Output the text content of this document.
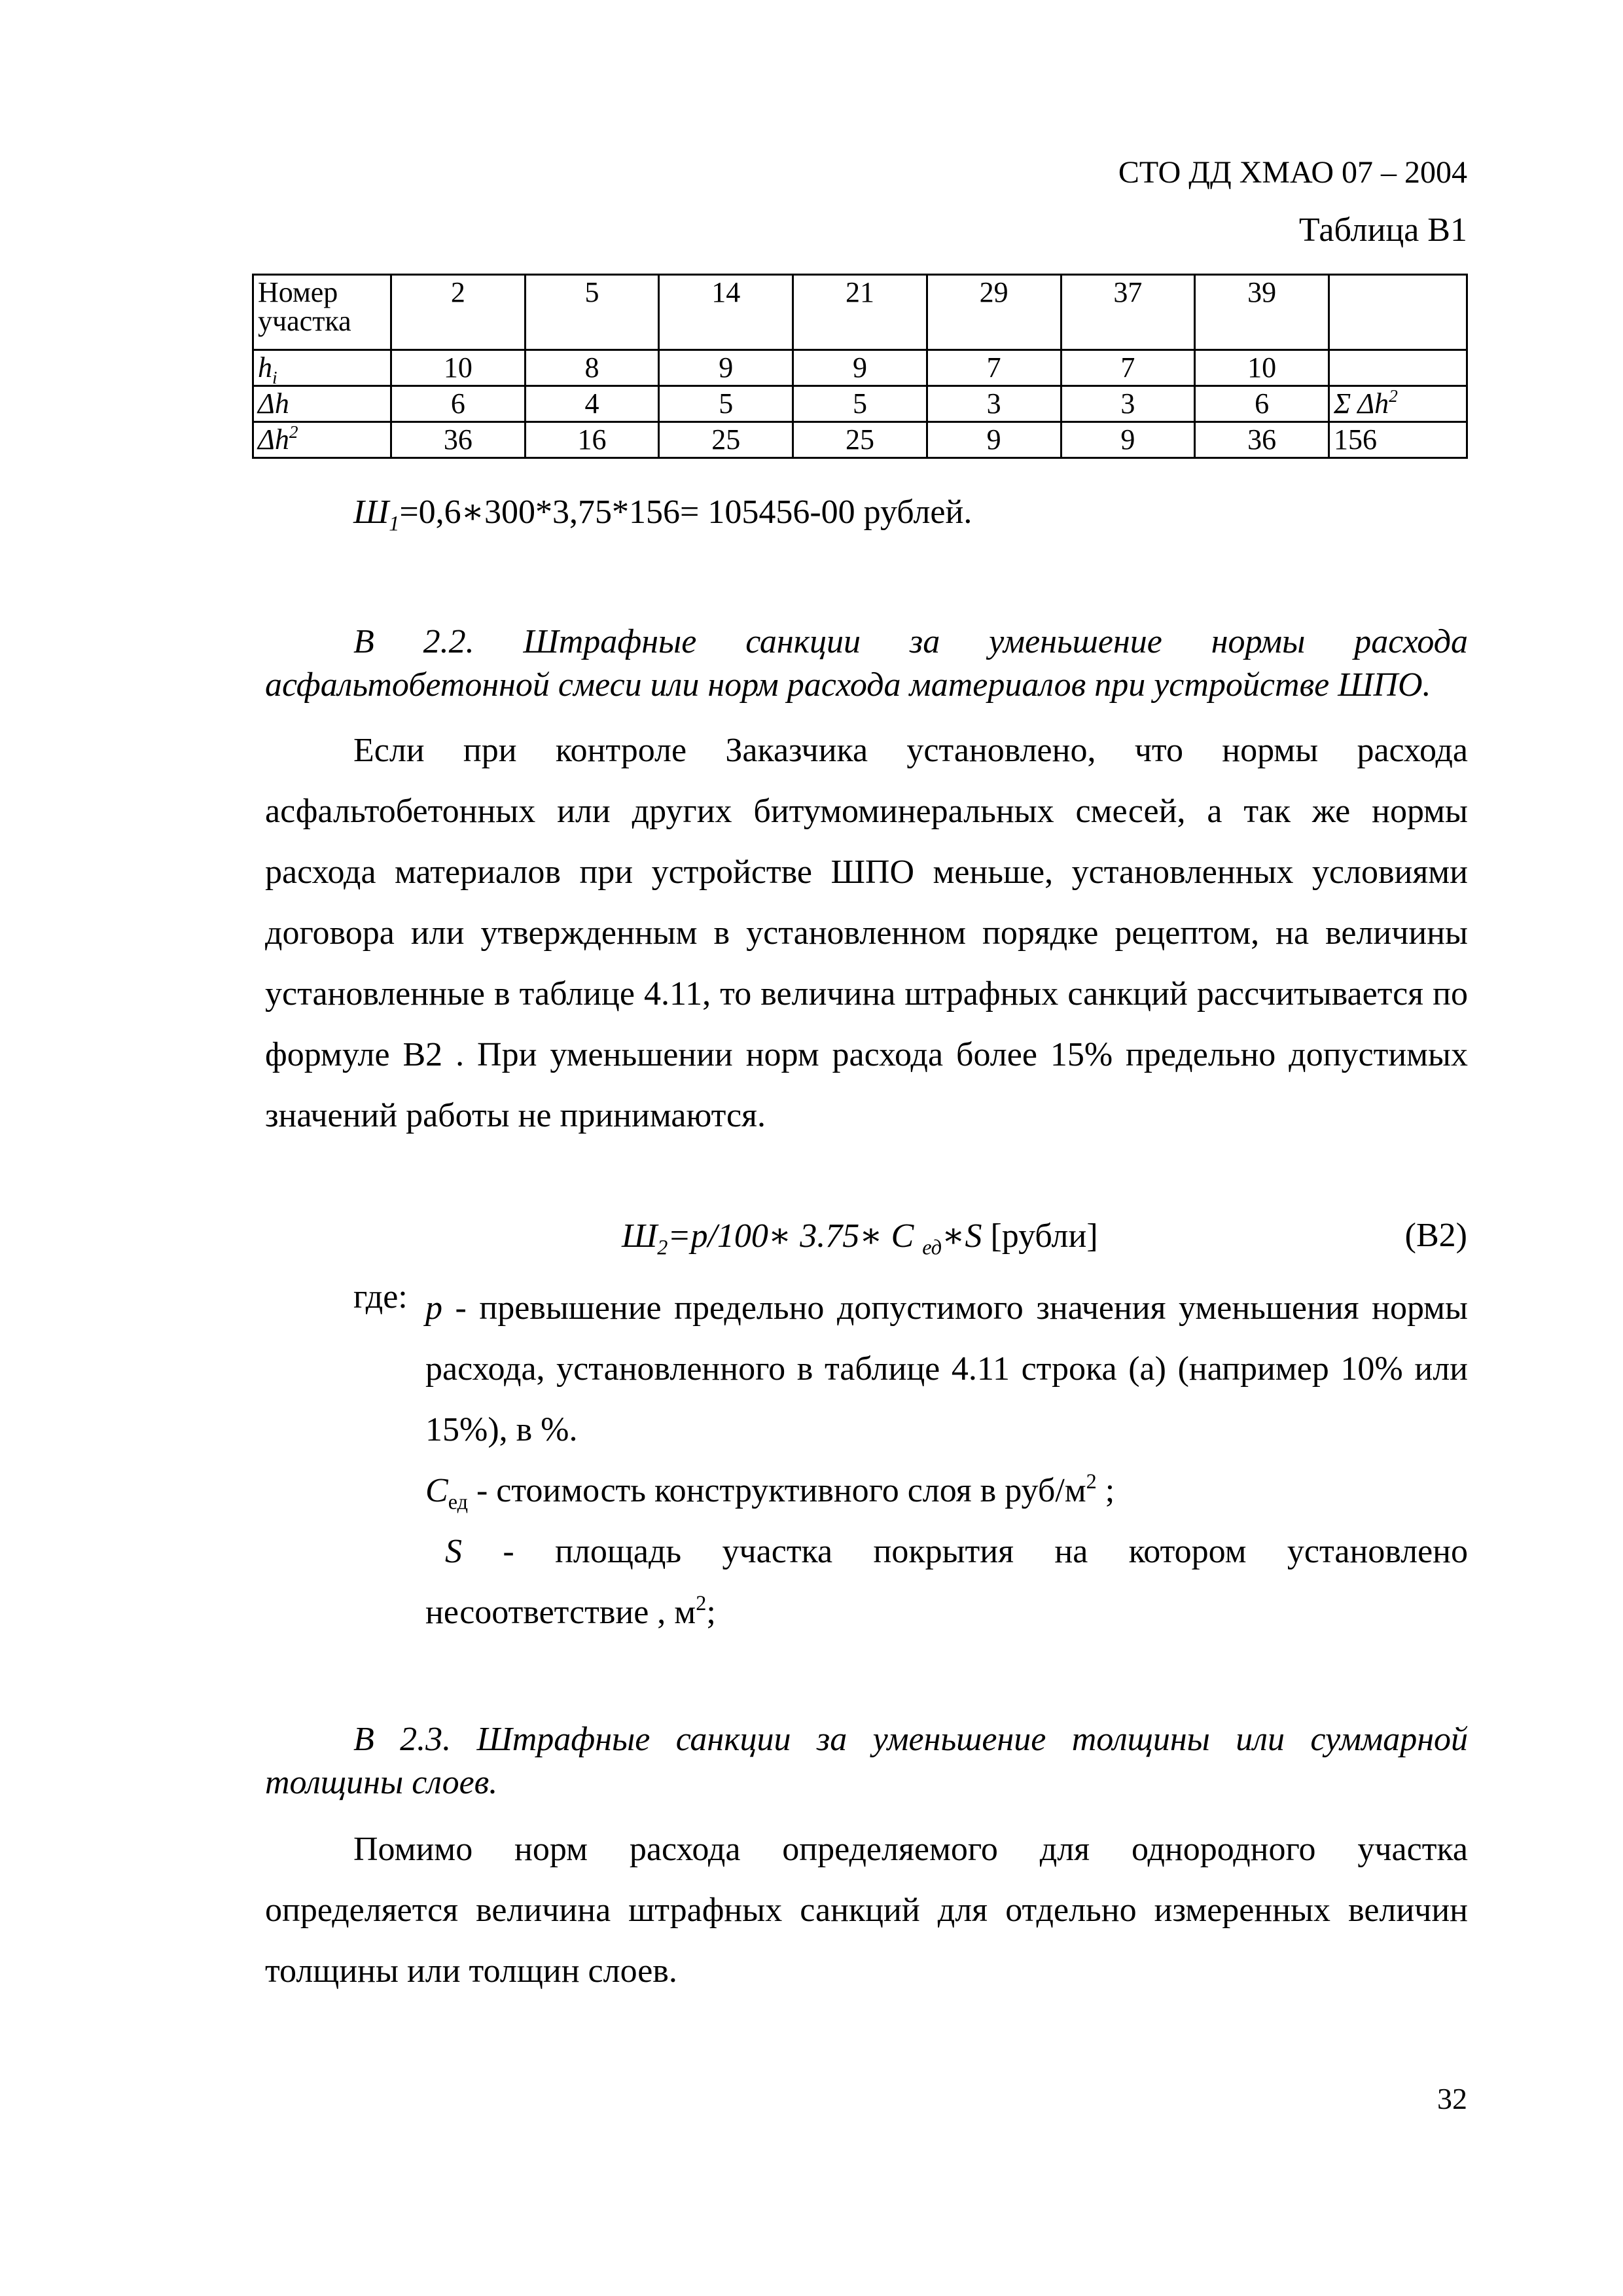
СТО ДД ХМАО 07 – 2004
Таблица В1
Номер участка	2	5	14	21	29	37	39	
$h_i$	10	8	9	9	7	7	10	
Δh	6	4	5	5	3	3	6	Σ $\Delta h^2$
$\Delta h^2$	36	16	25	25	9	9	36	156
$Ш_1=0,6∗300*3,75*156= 105456-00$ рублей.

В 2.2. Штрафные санкции за уменьшение нормы расхода асфальтобетонной смеси или норм расхода материалов при устройстве ШПО.

Если при контроле Заказчика установлено, что нормы расхода асфальтобетонных или других битумоминеральных смесей, а так же нормы расхода материалов при устройстве ШПО меньше, установленных условиями договора или утвержденным в установленном порядке рецептом, на величины установленные в таблице 4.11, то величина штрафных санкций рассчитывается по формуле В2 . При уменьшении норм расхода более 15% предельно допустимых значений работы не принимаются.

$Ш_2=p/100∗$ 3.75∗ С $_{ед}$∗S [рубли]	(В2)
где: р - превышение предельно допустимого значения уменьшения нормы расхода, установленного в таблице 4.11 строка (а) (например 10% или 15%), в %.

$С_{ед}$ - стоимость конструктивного слоя в руб/$м^2$ ;

S - площадь участка покрытия на котором установлено несоответствие , $м^2$;

В 2.3. Штрафные санкции за уменьшение толщины или суммарной толщины слоев.

Помимо норм расхода определяемого для однородного участка определяется величина штрафных санкций для отдельно измеренных величин толщины или толщин слоев.

32
